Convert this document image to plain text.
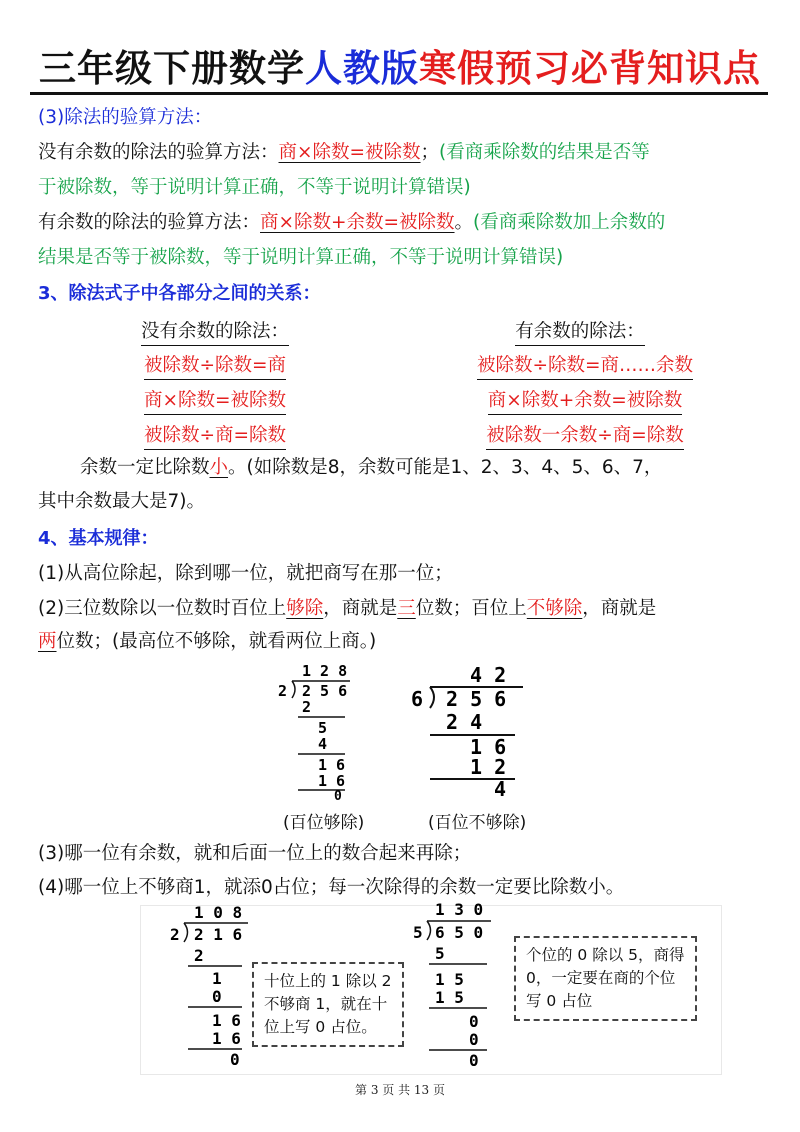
三年级下册数学人教版寒假预习必背知识点
(3)除法的验算方法：
没有余数的除法的验算方法：商×除数=被除数；(看商乘除数的结果是否等
于被除数，等于说明计算正确，不等于说明计算错误)
有余数的除法的验算方法：商×除数+余数=被除数。(看商乘除数加上余数的
结果是否等于被除数，等于说明计算正确，不等于说明计算错误)
3、除法式子中各部分之间的关系：
没有余数的除法：	有余数的除法：
被除数÷除数=商
商×除数=被除数
被除数÷商=除数
被除数÷除数=商……余数
商×除数+余数=被除数
被除数一余数÷商=除数
余数一定比除数小。(如除数是8，余数可能是1、2、3、4、5、6、7，
其中余数最大是7)。
4、基本规律：
(1)从高位除起，除到哪一位，就把商写在那一位；
(2)三位数除以一位数时百位上够除，商就是三位数；百位上不够除，商就是
两位数；(最高位不够除，就看两位上商。)
1 2 8
2 2 5 6
2
5
4
1 6
1 6
0
4 2
6 2 5 6
2 4
1 6
1 2
4
(百位够除)	(百位不够除)
(3)哪一位有余数，就和后面一位上的数合起来再除；
(4)哪一位上不够商1，就添0占位；每一次除得的余数一定要比除数小。
1 0 8
2 2 1 6
2
1
0
1 6
1 6
0
十位上的 1 除以 2
不够商 1，就在十
位上写 0 占位。
1 3 0
5 6 5 0
5
1 5
1 5
0
0
0
个位的 0 除以 5，商得
0，一定要在商的个位
写 0 占位
第 3 页 共 13 页
